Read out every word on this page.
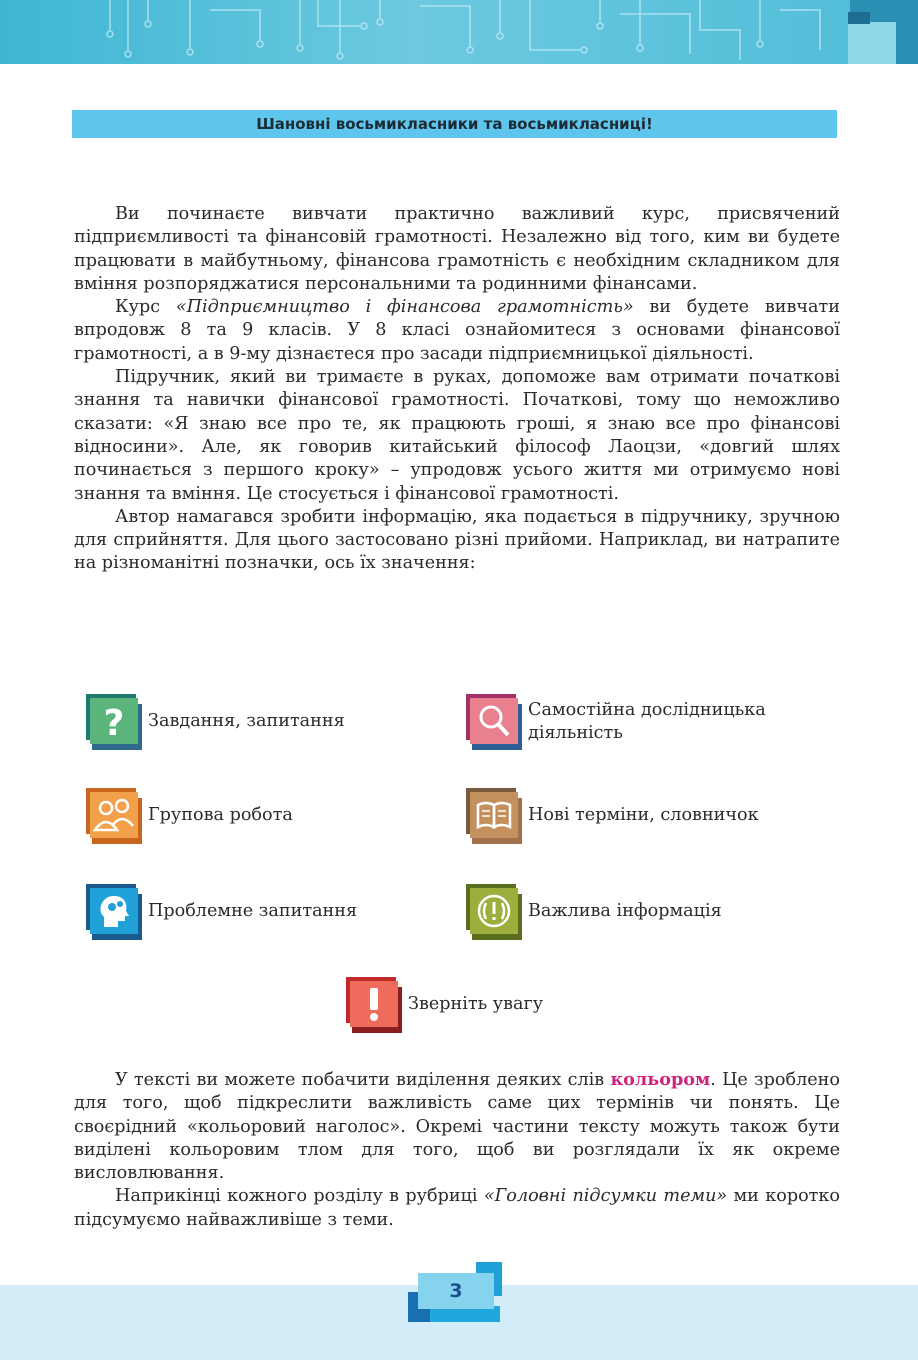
Шановні восьмикласники та восьмикласниці!

Ви починаєте вивчати практично важливий курс, присвячений підприємливості та фінансовій грамотності. Незалежно від того, ким ви будете працювати в майбутньому, фінансова грамотність є необхідним складником для вміння розпоряджатися персональними та родинними фінансами.

Курс «Підприємництво і фінансова грамотність» ви будете вивчати впродовж 8 та 9 класів. У 8 класі ознайомитеся з основами фінансової грамотності, а в 9-му дізнаєтеся про засади підприємницької діяльності.

Підручник, який ви тримаєте в руках, допоможе вам отримати початкові знання та навички фінансової грамотності. Початкові, тому що неможливо сказати: «Я знаю все про те, як працюють гроші, я знаю все про фінансові відносини». Але, як говорив китайський філософ Лаоцзи, «довгий шлях починається з першого кроку» – упродовж усього життя ми отримуємо нові знання та вміння. Це стосується і фінансової грамотності.

Автор намагався зробити інформацію, яка подається в підручнику, зручною для сприйняття. Для цього застосовано різні прийоми. Наприклад, ви натрапите на різноманітні позначки, ось їх значення:

? Завдання, запитання
Самостійна дослідницька діяльність
Групова робота	Нові терміни, словничок
Проблемне запитання	Важлива інформація
Зверніть увагу

У тексті ви можете побачити виділення деяких слів кольором. Це зроблено для того, щоб підкреслити важливість саме цих термінів чи понять. Це своєрідний «кольоровий наголос». Окремі частини тексту можуть також бути виділені кольоровим тлом для того, щоб ви розглядали їх як окреме висловлювання.

Наприкінці кожного розділу в рубриці «Головні підсумки теми» ми коротко підсумуємо найважливіше з теми.

3
